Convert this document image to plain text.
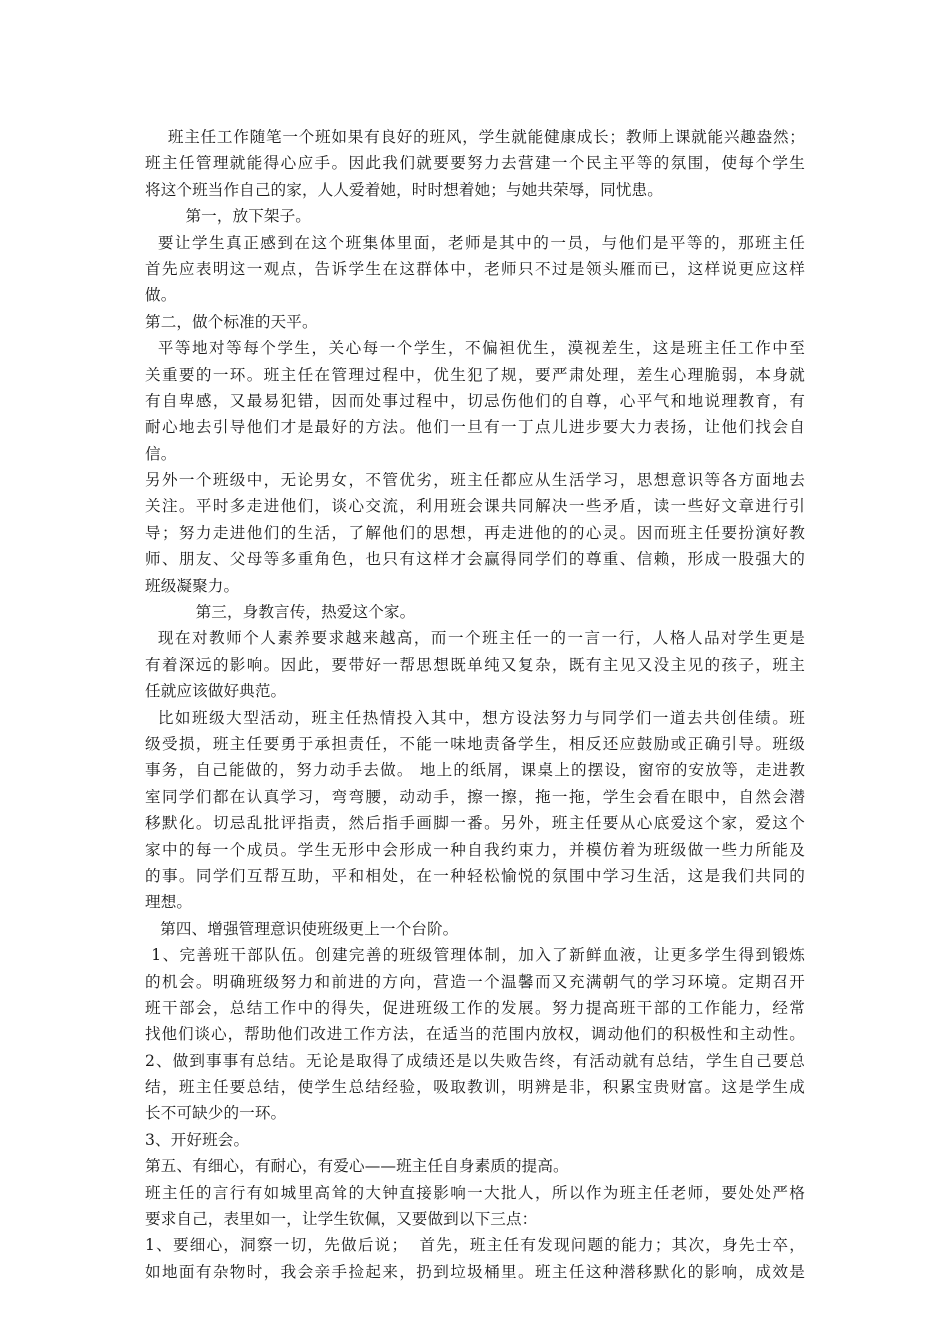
班主任工作随笔一个班如果有良好的班风，学生就能健康成长；教师上课就能兴趣盎然；
班主任管理就能得心应手。因此我们就要要努力去营建一个民主平等的氛围，使每个学生
将这个班当作自己的家，人人爱着她，时时想着她；与她共荣辱，同忧患。
第一，放下架子。
要让学生真正感到在这个班集体里面，老师是其中的一员，与他们是平等的，那班主任
首先应表明这一观点，告诉学生在这群体中，老师只不过是领头雁而已，这样说更应这样
做。
第二，做个标准的天平。
平等地对等每个学生，关心每一个学生，不偏袒优生，漠视差生，这是班主任工作中至
关重要的一环。班主任在管理过程中，优生犯了规，要严肃处理，差生心理脆弱，本身就
有自卑感，又最易犯错，因而处事过程中，切忌伤他们的自尊，心平气和地说理教育，有
耐心地去引导他们才是最好的方法。他们一旦有一丁点儿进步要大力表扬，让他们找会自
信。
另外一个班级中，无论男女，不管优劣，班主任都应从生活学习，思想意识等各方面地去
关注。平时多走进他们，谈心交流，利用班会课共同解决一些矛盾，读一些好文章进行引
导；努力走进他们的生活，了解他们的思想，再走进他的的心灵。因而班主任要扮演好教
师、朋友、父母等多重角色，也只有这样才会赢得同学们的尊重、信赖，形成一股强大的
班级凝聚力。
第三，身教言传，热爱这个家。
现在对教师个人素养要求越来越高，而一个班主任一的一言一行，人格人品对学生更是
有着深远的影响。因此，要带好一帮思想既单纯又复杂，既有主见又没主见的孩子，班主
任就应该做好典范。
比如班级大型活动，班主任热情投入其中，想方设法努力与同学们一道去共创佳绩。班
级受损，班主任要勇于承担责任，不能一味地责备学生，相反还应鼓励或正确引导。班级
事务，自己能做的，努力动手去做。 地上的纸屑，课桌上的摆设，窗帘的安放等，走进教
室同学们都在认真学习，弯弯腰，动动手，擦一擦，拖一拖，学生会看在眼中，自然会潜
移默化。切忌乱批评指责，然后指手画脚一番。另外，班主任要从心底爱这个家，爱这个
家中的每一个成员。学生无形中会形成一种自我约束力，并模仿着为班级做一些力所能及
的事。同学们互帮互助，平和相处，在一种轻松愉悦的氛围中学习生活，这是我们共同的
理想。
第四、增强管理意识使班级更上一个台阶。
1、完善班干部队伍。创建完善的班级管理体制，加入了新鲜血液，让更多学生得到锻炼
的机会。明确班级努力和前进的方向，营造一个温馨而又充满朝气的学习环境。定期召开
班干部会，总结工作中的得失，促进班级工作的发展。努力提高班干部的工作能力，经常
找他们谈心，帮助他们改进工作方法，在适当的范围内放权，调动他们的积极性和主动性。
2、做到事事有总结。无论是取得了成绩还是以失败告终，有活动就有总结，学生自己要总
结，班主任要总结，使学生总结经验，吸取教训，明辨是非，积累宝贵财富。这是学生成
长不可缺少的一环。
3、开好班会。
第五、有细心，有耐心，有爱心——班主任自身素质的提高。
班主任的言行有如城里高耸的大钟直接影响一大批人，所以作为班主任老师，要处处严格
要求自己，表里如一，让学生钦佩，又要做到以下三点：
1、要细心，洞察一切，先做后说；  首先，班主任有发现问题的能力；其次，身先士卒，
如地面有杂物时，我会亲手捡起来，扔到垃圾桶里。班主任这种潜移默化的影响，成效是
